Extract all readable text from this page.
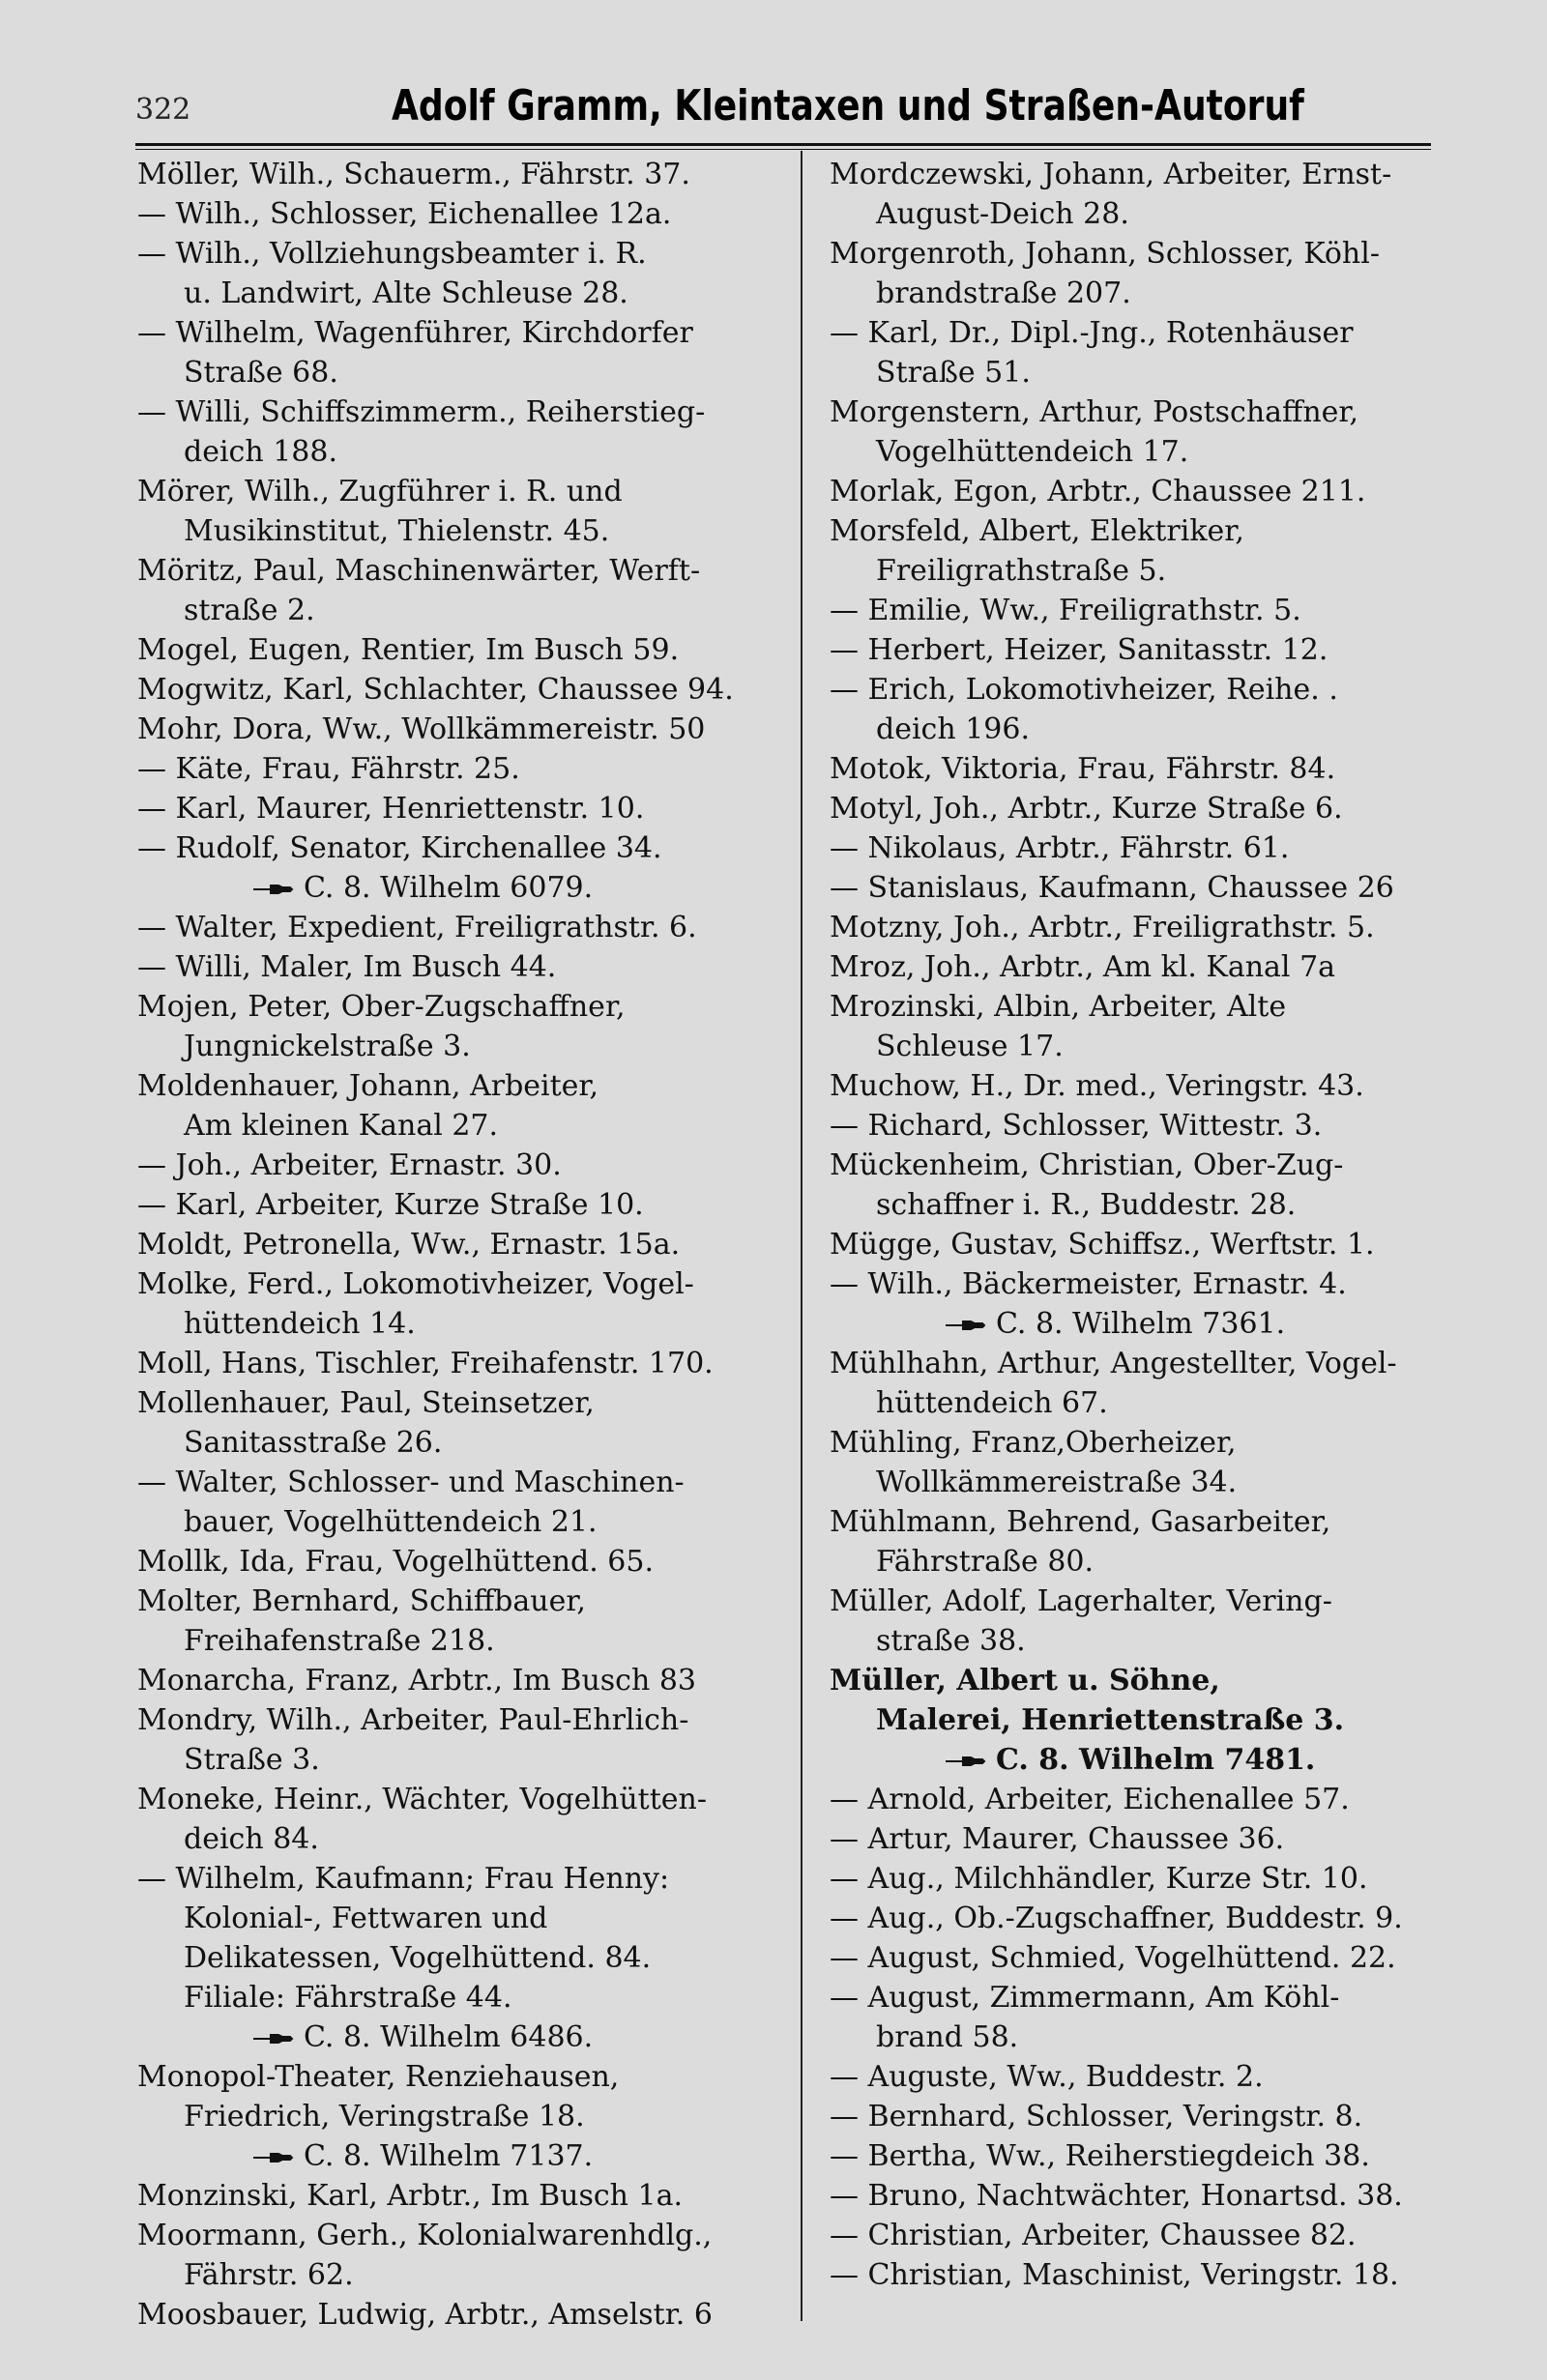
322	Adolf Gramm, Kleintaxen und Straßen-Autoruf
Möller, Wilh., Schauerm., Fährstr. 37.
— Wilh., Schlosser, Eichenallee 12a.
— Wilh., Vollziehungsbeamter i. R.
u. Landwirt, Alte Schleuse 28.
— Wilhelm, Wagenführer, Kirchdorfer
Straße 68.
— Willi, Schiffszimmerm., Reiherstieg-
deich 188.
Mörer, Wilh., Zugführer i. R. und
Musikinstitut, Thielenstr. 45.
Möritz, Paul, Maschinenwärter, Werft-
straße 2.
Mogel, Eugen, Rentier, Im Busch 59.
Mogwitz, Karl, Schlachter, Chaussee 94.
Mohr, Dora, Ww., Wollkämmereistr. 50
— Käte, Frau, Fährstr. 25.
— Karl, Maurer, Henriettenstr. 10.
— Rudolf, Senator, Kirchenallee 34.
C. 8. Wilhelm 6079.
— Walter, Expedient, Freiligrathstr. 6.
— Willi, Maler, Im Busch 44.
Mojen, Peter, Ober-Zugschaffner,
Jungnickelstraße 3.
Moldenhauer, Johann, Arbeiter,
Am kleinen Kanal 27.
— Joh., Arbeiter, Ernastr. 30.
— Karl, Arbeiter, Kurze Straße 10.
Moldt, Petronella, Ww., Ernastr. 15a.
Molke, Ferd., Lokomotivheizer, Vogel-
hüttendeich 14.
Moll, Hans, Tischler, Freihafenstr. 170.
Mollenhauer, Paul, Steinsetzer,
Sanitasstraße 26.
— Walter, Schlosser- und Maschinen-
bauer, Vogelhüttendeich 21.
Mollk, Ida, Frau, Vogelhüttend. 65.
Molter, Bernhard, Schiffbauer,
Freihafenstraße 218.
Monarcha, Franz, Arbtr., Im Busch 83
Mondry, Wilh., Arbeiter, Paul-Ehrlich-
Straße 3.
Moneke, Heinr., Wächter, Vogelhütten-
deich 84.
— Wilhelm, Kaufmann; Frau Henny:
Kolonial-, Fettwaren und
Delikatessen, Vogelhüttend. 84.
Filiale: Fährstraße 44.
C. 8. Wilhelm 6486.
Monopol-Theater, Renziehausen,
Friedrich, Veringstraße 18.
C. 8. Wilhelm 7137.
Monzinski, Karl, Arbtr., Im Busch 1a.
Moormann, Gerh., Kolonialwarenhdlg.,
Fährstr. 62.
Moosbauer, Ludwig, Arbtr., Amselstr. 6
Mordczewski, Johann, Arbeiter, Ernst-
August-Deich 28.
Morgenroth, Johann, Schlosser, Köhl-
brandstraße 207.
— Karl, Dr., Dipl.-Jng., Rotenhäuser
Straße 51.
Morgenstern, Arthur, Postschaffner,
Vogelhüttendeich 17.
Morlak, Egon, Arbtr., Chaussee 211.
Morsfeld, Albert, Elektriker,
Freiligrathstraße 5.
— Emilie, Ww., Freiligrathstr. 5.
— Herbert, Heizer, Sanitasstr. 12.
— Erich, Lokomotivheizer, Reihe. .
deich 196.
Motok, Viktoria, Frau, Fährstr. 84.
Motyl, Joh., Arbtr., Kurze Straße 6.
— Nikolaus, Arbtr., Fährstr. 61.
— Stanislaus, Kaufmann, Chaussee 26
Motzny, Joh., Arbtr., Freiligrathstr. 5.
Mroz, Joh., Arbtr., Am kl. Kanal 7a
Mrozinski, Albin, Arbeiter, Alte
Schleuse 17.
Muchow, H., Dr. med., Veringstr. 43.
— Richard, Schlosser, Wittestr. 3.
Mückenheim, Christian, Ober-Zug-
schaffner i. R., Buddestr. 28.
Mügge, Gustav, Schiffsz., Werftstr. 1.
— Wilh., Bäckermeister, Ernastr. 4.
C. 8. Wilhelm 7361.
Mühlhahn, Arthur, Angestellter, Vogel-
hüttendeich 67.
Mühling, Franz,Oberheizer,
Wollkämmereistraße 34.
Mühlmann, Behrend, Gasarbeiter,
Fährstraße 80.
Müller, Adolf, Lagerhalter, Vering-
straße 38.
Müller, Albert u. Söhne,
Malerei, Henriettenstraße 3.
C. 8. Wilhelm 7481.
— Arnold, Arbeiter, Eichenallee 57.
— Artur, Maurer, Chaussee 36.
— Aug., Milchhändler, Kurze Str. 10.
— Aug., Ob.-Zugschaffner, Buddestr. 9.
— August, Schmied, Vogelhüttend. 22.
— August, Zimmermann, Am Köhl-
brand 58.
— Auguste, Ww., Buddestr. 2.
— Bernhard, Schlosser, Veringstr. 8.
— Bertha, Ww., Reiherstiegdeich 38.
— Bruno, Nachtwächter, Honartsd. 38.
— Christian, Arbeiter, Chaussee 82.
— Christian, Maschinist, Veringstr. 18.
